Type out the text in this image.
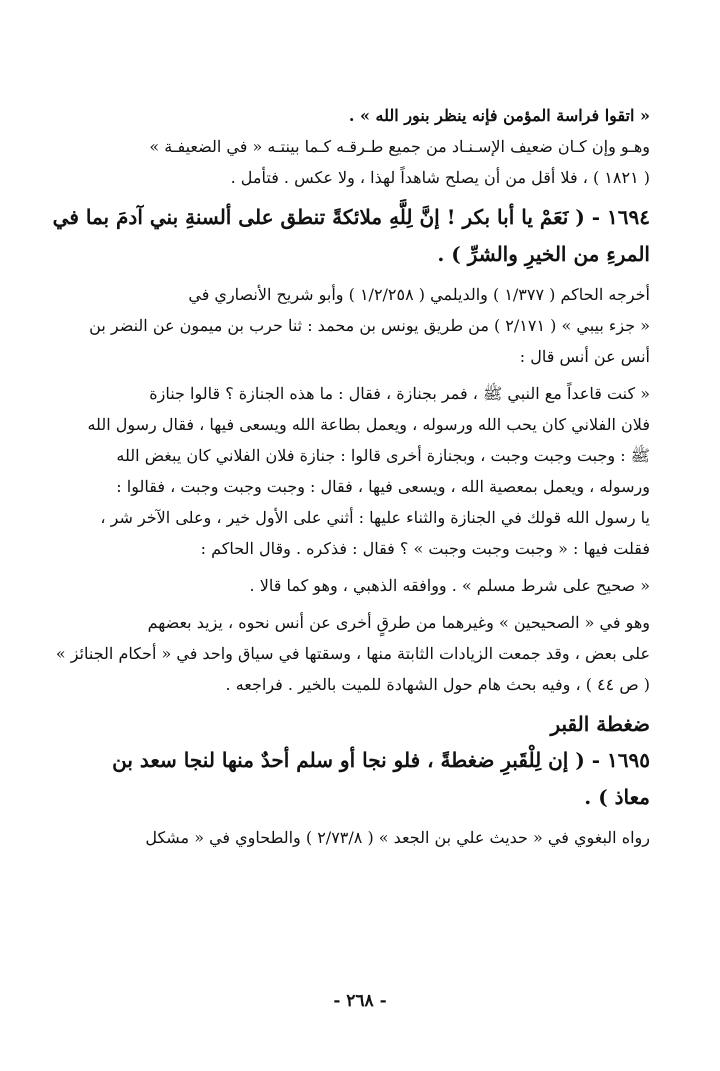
« اتقوا فراسة المؤمن فإنه ينظر بنور الله » .

وهـو وإن كـان ضعيف الإسـنـاد من جميع طـرقـه كـما بينتـه « في الضعيفـة »

( ١٨٢١ ) ، فلا أقل من أن يصلح شاهداً لهذا ، ولا عكس . فتأمل .

١٦٩٤ - ( نَعَمْ يا أبا بكر ! إنَّ لِلَّهِ ملائكةً تنطق على ألسنةِ بني آدمَ بما في

المرءِ من الخيرِ والشرِّ ) .

أخرجه الحاكم ( ١/٣٧٧ ) والديلمي ( ١/٢/٢٥٨ ) وأبو شريح الأنصاري في

« جزء بيبي » ( ٢/١٧١ ) من طريق يونس بن محمد : ثنا حرب بن ميمون عن النضر بن

أنس عن أنس قال :

« كنت قاعداً مع النبي ﷺ ، فمر بجنازة ، فقال : ما هذه الجنازة ؟ قالوا جنازة

فلان الفلاني كان يحب الله ورسوله ، ويعمل بطاعة الله ويسعى فيها ، فقال رسول الله

ﷺ : وجبت وجبت وجبت ، وبجنازة أخرى قالوا : جنازة فلان الفلاني كان يبغض الله

ورسوله ، ويعمل بمعصية الله ، ويسعى فيها ، فقال : وجبت وجبت وجبت ، فقالوا :

يا رسول الله قولك في الجنازة والثناء عليها : أثني على الأول خير ، وعلى الآخر شر ،

فقلت فيها : « وجبت وجبت وجبت » ؟ فقال : فذكره . وقال الحاكم :

« صحيح على شرط مسلم » . ووافقه الذهبي ، وهو كما قالا .

وهو في « الصحيحين » وغيرهما من طرقٍ أخرى عن أنس نحوه ، يزيد بعضهم

على بعض ، وقد جمعت الزيادات الثابتة منها ، وسقتها في سياق واحد في « أحكام الجنائز »

( ص ٤٤ ) ، وفيه بحث هام حول الشهادة للميت بالخير . فراجعه .

ضغطة القبر

١٦٩٥ - ( إن لِلْقَبرِ ضغطةً ، فلو نجا أو سلم أحدٌ منها لنجا سعد بن

معاذ ) .

رواه البغوي في « حديث علي بن الجعد » ( ٢/٧٣/٨ ) والطحاوي في « مشكل

- ٢٦٨ -
